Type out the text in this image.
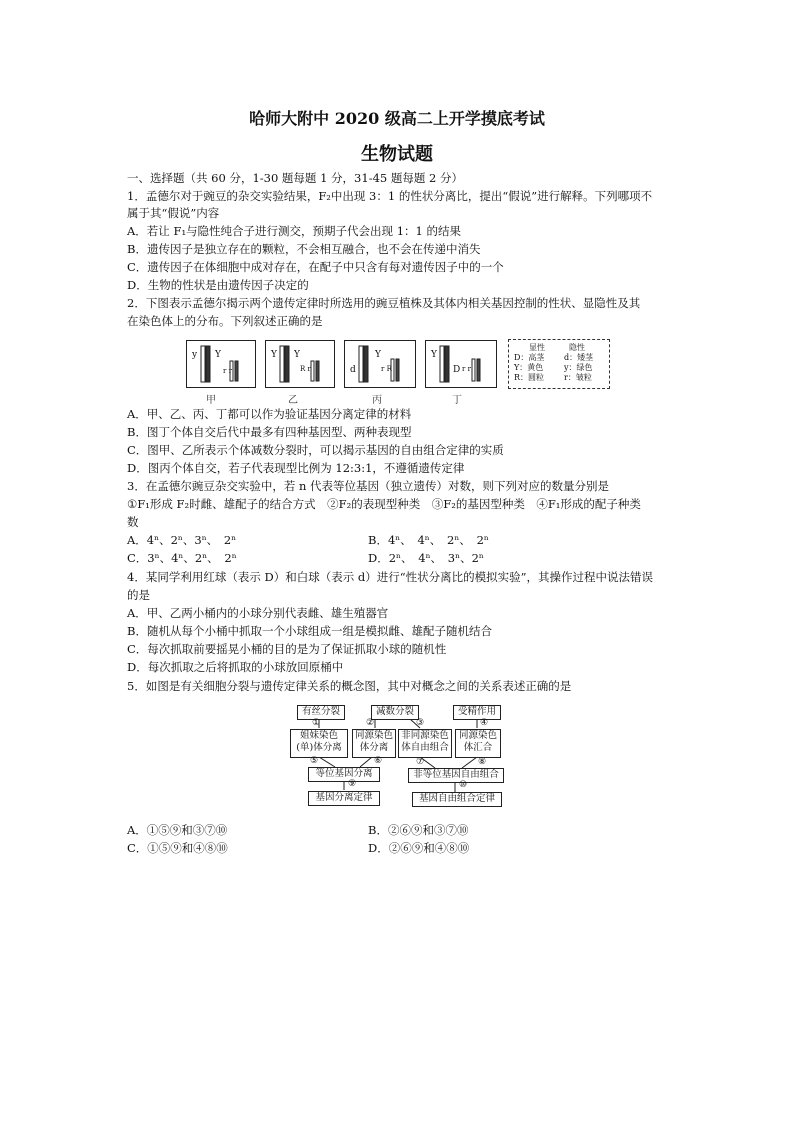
哈师大附中 2020 级高二上开学摸底考试
生物试题
一、选择题（共 60 分，1-30 题每题 1 分，31-45 题每题 2 分）
1．孟德尔对于豌豆的杂交实验结果，F₂中出现 3：1 的性状分离比，提出“假说”进行解释。下列哪项不
属于其“假说”内容
A．若让 F₁与隐性纯合子进行测交，预期子代会出现 1：1 的结果
B．遗传因子是独立存在的颗粒，不会相互融合，也不会在传递中消失
C．遗传因子在体细胞中成对存在，在配子中只含有每对遗传因子中的一个
D．生物的性状是由遗传因子决定的
2．下图表示孟德尔揭示两个遗传定律时所选用的豌豆植株及其体内相关基因控制的性状、显隐性及其
在染色体上的分布。下列叙述正确的是
y Y
r r
Y Y
R r	d
Y
r R
Y
D r r
甲	乙	丙	丁
显性	隐性
D：高茎 d：矮茎
Y：黄色	y：绿色
R：圆粒 r：皱粒
A．甲、乙、丙、丁都可以作为验证基因分离定律的材料
B．图丁个体自交后代中最多有四种基因型、两种表现型
C．图甲、乙所表示个体减数分裂时，可以揭示基因的自由组合定律的实质
D．图丙个体自交，若子代表现型比例为 12:3:1，不遵循遗传定律
3．在孟德尔豌豆杂交实验中，若 n 代表等位基因（独立遗传）对数，则下列对应的数量分别是
①F₁形成 F₂时雌、雄配子的结合方式　②F₂的表现型种类　③F₂的基因型种类　④F₁形成的配子种类
数
A．4ⁿ、2ⁿ、3ⁿ、　2ⁿ	B．4ⁿ、　4ⁿ、　2ⁿ、　2ⁿ
C．3ⁿ、4ⁿ、2ⁿ、　2ⁿ	D．2ⁿ、　4ⁿ、　3ⁿ、2ⁿ
4．某同学利用红球（表示 D）和白球（表示 d）进行“性状分离比的模拟实验”，其操作过程中说法错误
的是
A．甲、乙两小桶内的小球分别代表雌、雄生殖器官
B．随机从每个小桶中抓取一个小球组成一组是模拟雌、雄配子随机结合
C．每次抓取前要摇晃小桶的目的是为了保证抓取小球的随机性
D．每次抓取之后将抓取的小球放回原桶中
5．如图是有关细胞分裂与遗传定律关系的概念图，其中对概念之间的关系表述正确的是
有丝分裂	减数分裂	受精作用
姐妹染色
(单)体分离
同源染色
体分离
非同源染色
体自由组合
同源染色
体汇合
等位基因分离	非等位基因自由组合
基因分离定律	基因自由组合定律
①	②	③	④
⑤	⑥	⑦	⑧
⑨	⑩
A．①⑤⑨和③⑦⑩	B．②⑥⑨和③⑦⑩
C．①⑤⑨和④⑧⑩	D．②⑥⑨和④⑧⑩
